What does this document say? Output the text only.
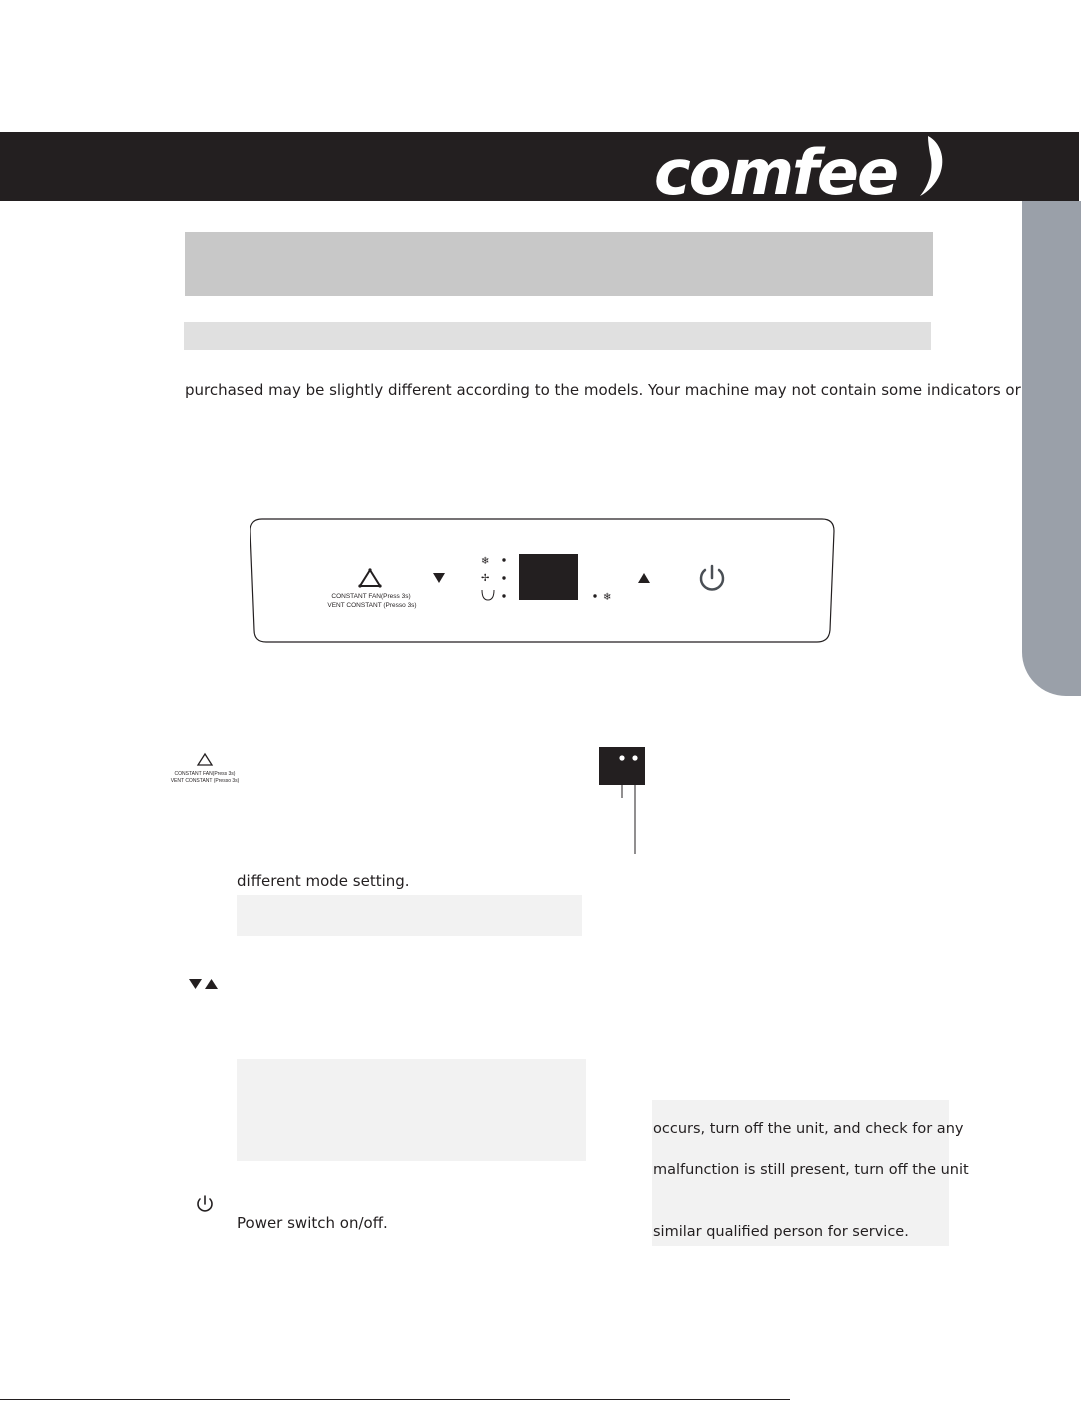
comfee
purchased may be slightly different according to the models. Your machine may not contain some indicators or
CONSTANT FAN(Press 3s)
VENT CONSTANT (Presso 3s)
❄
✢
❄
CONSTANT FAN(Press 3s)
VENT CONSTANT (Presso 3s)
different mode setting.
Power switch on/off.
occurs, turn off the unit, and check for any
malfunction is still present, turn off the unit
similar qualified person for service.
